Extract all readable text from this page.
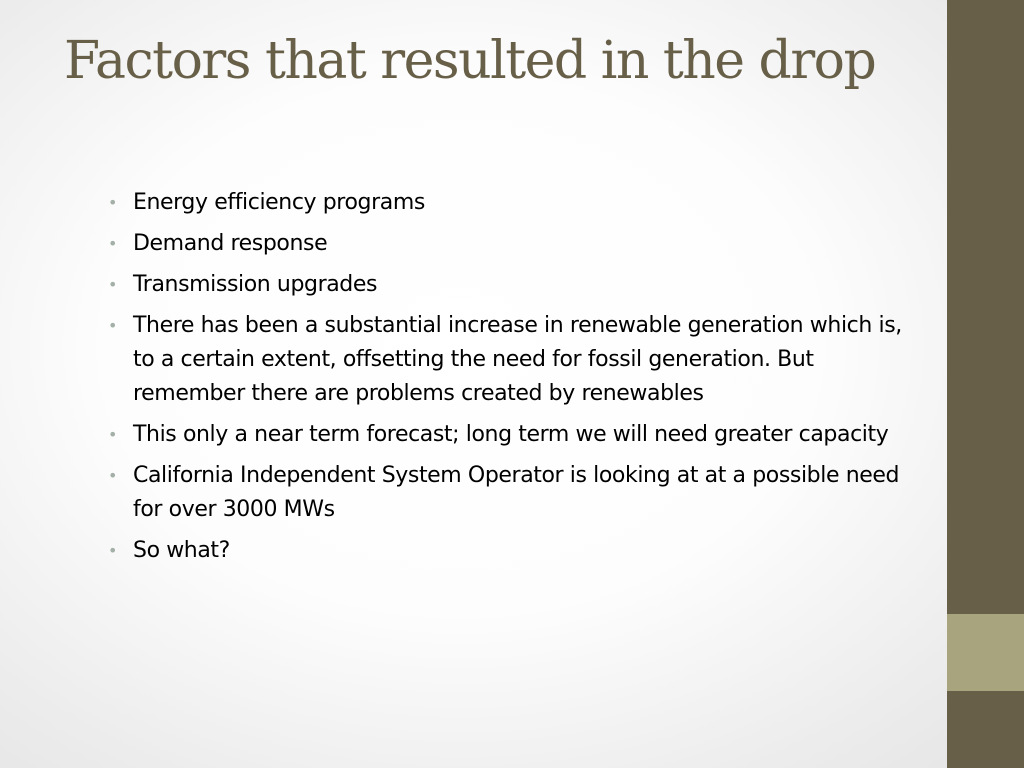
Factors that resulted in the drop
• Energy efficiency programs
• Demand response
• Transmission upgrades
• There has been a substantial increase in renewable generation which is, to a certain extent, offsetting the need for fossil generation. But remember there are problems created by renewables
• This only a near term forecast; long term we will need greater capacity
• California Independent System Operator is looking at at a possible need for over 3000 MWs
• So what?
